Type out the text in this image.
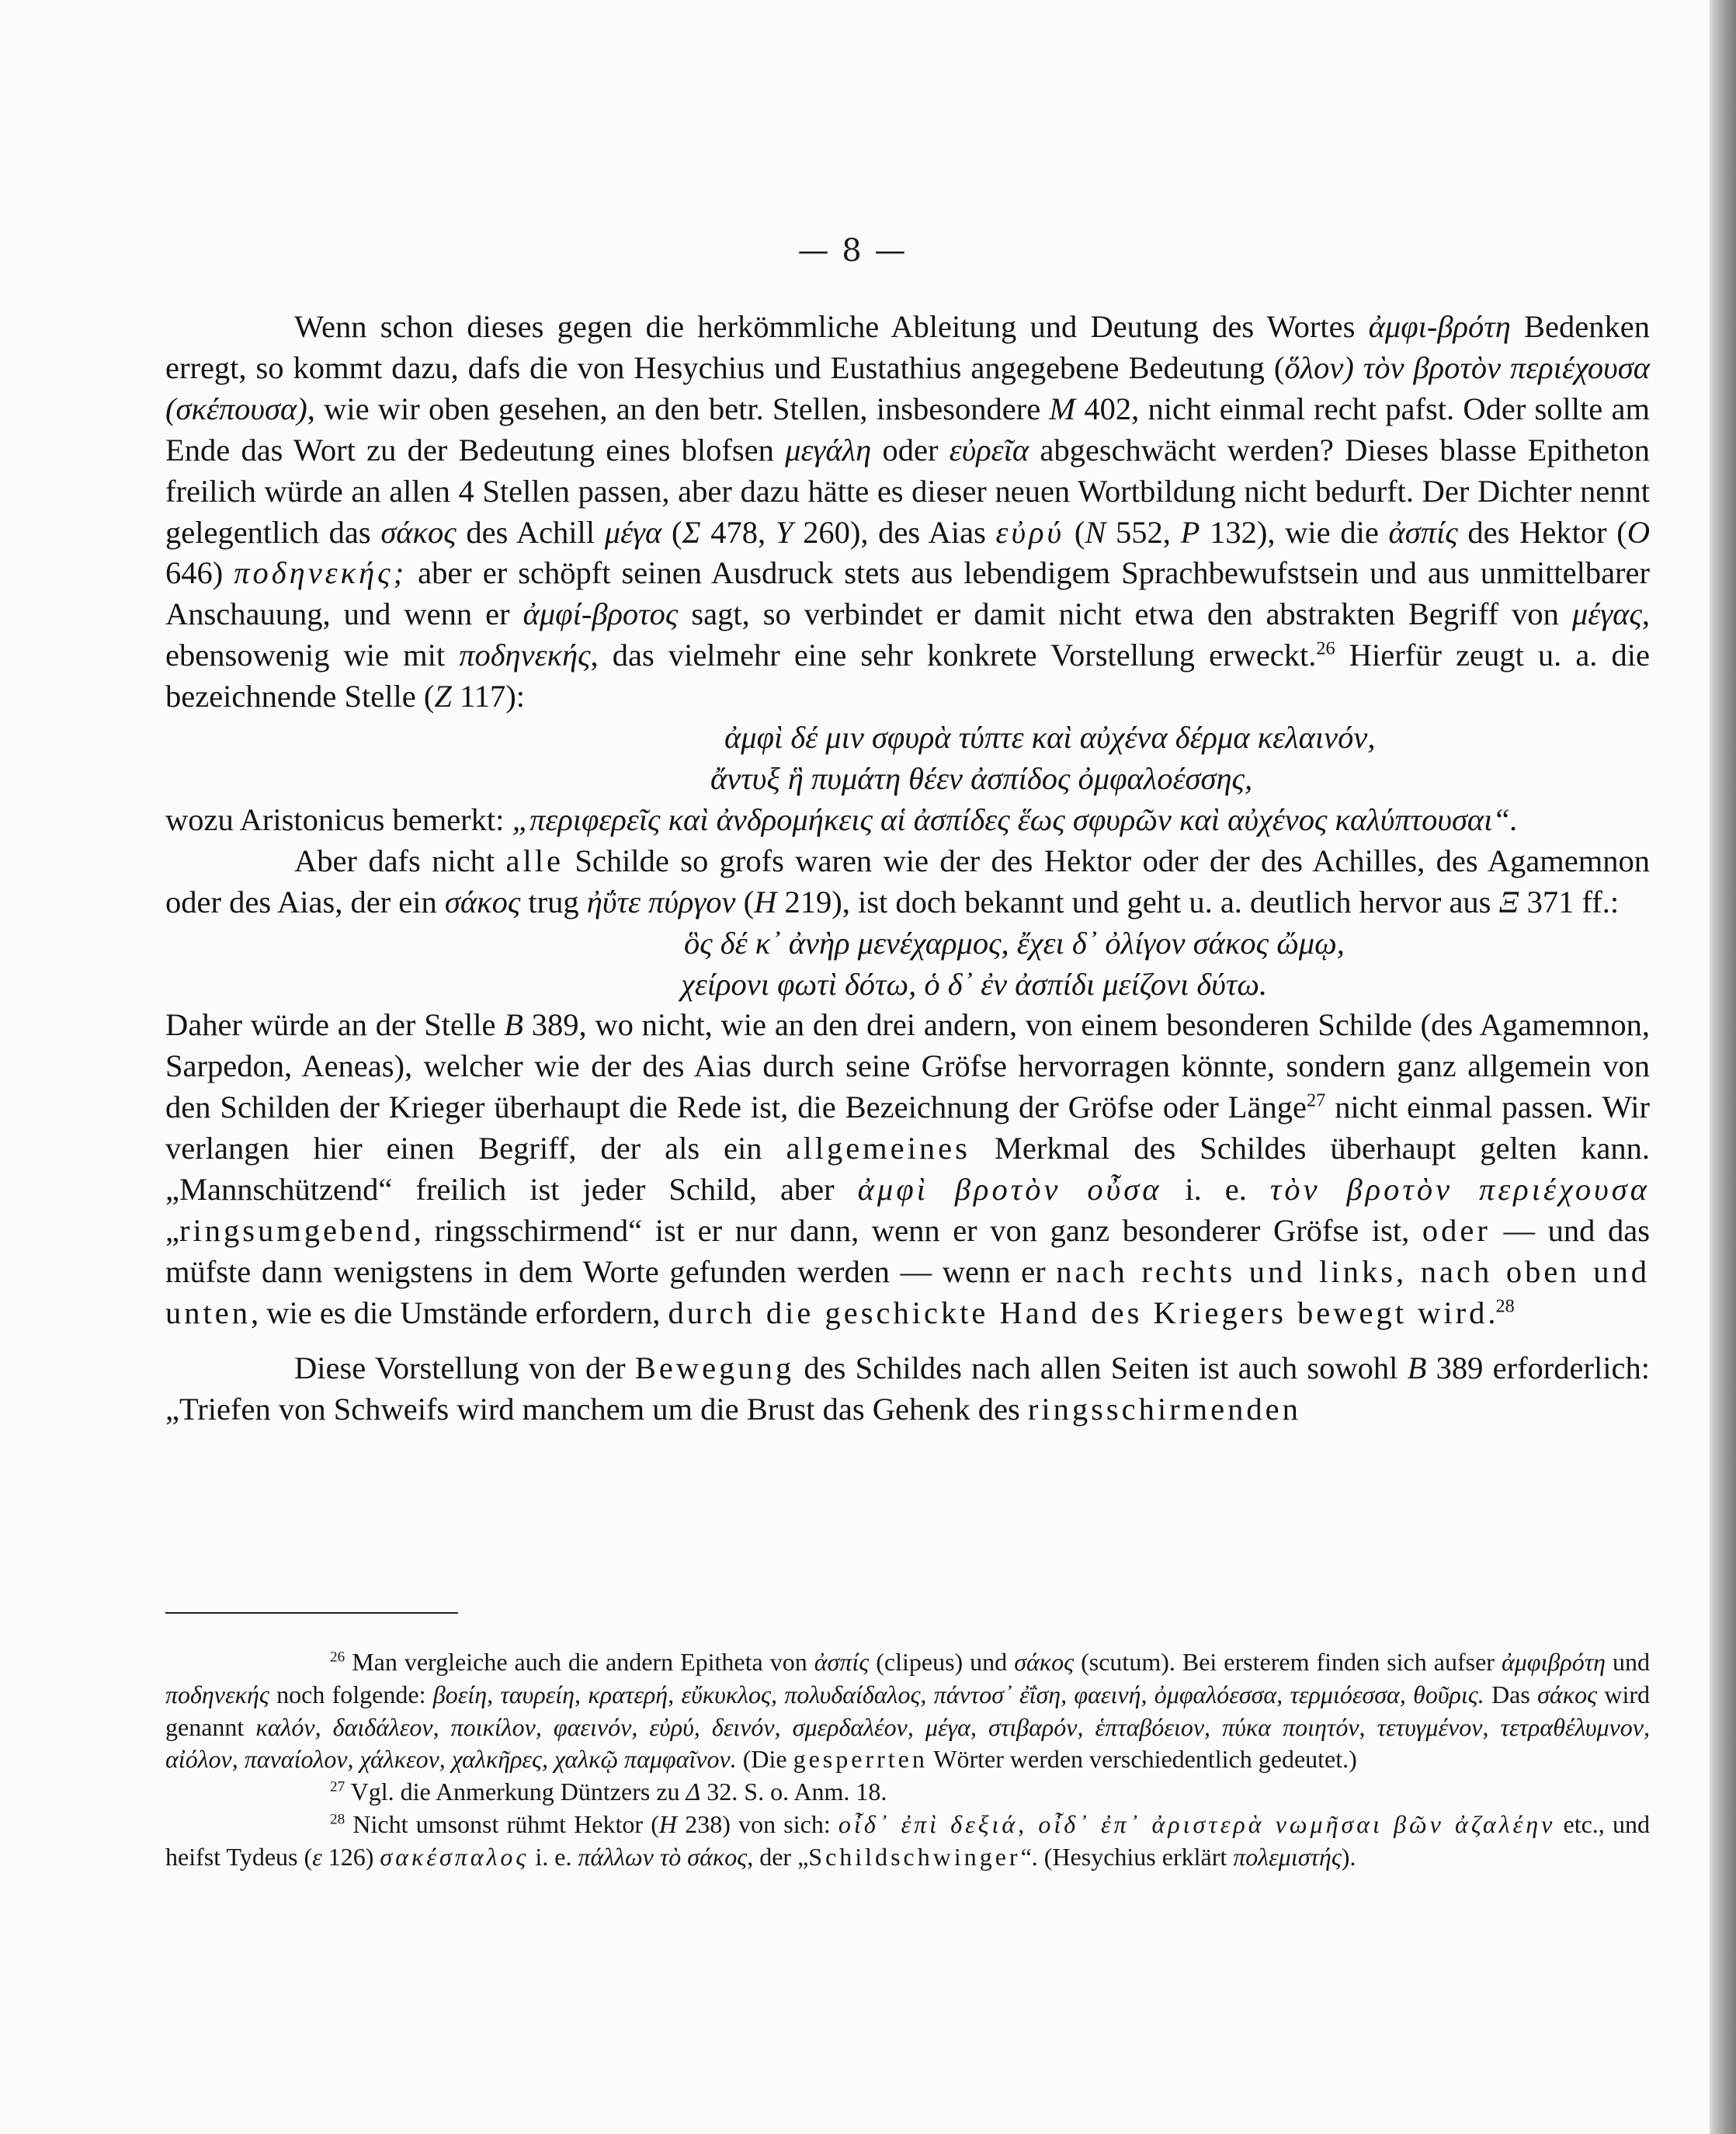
— 8 —

Wenn schon dieses gegen die herkömmliche Ableitung und Deutung des Wortes ἀμφι-βρότη Bedenken erregt, so kommt dazu, dafs die von Hesychius und Eustathius angegebene Bedeutung (ὅλον) τὸν βροτὸν περιέχουσα (σκέπουσα), wie wir oben gesehen, an den betr. Stellen, insbesondere M 402, nicht einmal recht pafst. Oder sollte am Ende das Wort zu der Bedeutung eines blofsen μεγάλη oder εὐρεῖα abgeschwächt werden? Dieses blasse Epitheton freilich würde an allen 4 Stellen passen, aber dazu hätte es dieser neuen Wortbildung nicht bedurft. Der Dichter nennt gelegentlich das σάκος des Achill μέγα (Σ 478, Υ 260), des Aias εὐρύ (N 552, P 132), wie die ἀσπίς des Hektor (O 646) ποδηνεκής; aber er schöpft seinen Ausdruck stets aus lebendigem Sprachbewufstsein und aus unmittelbarer Anschauung, und wenn er ἀμφί-βροτος sagt, so verbindet er damit nicht etwa den abstrakten Begriff von μέγας, ebensowenig wie mit ποδηνεκής, das vielmehr eine sehr konkrete Vorstellung erweckt.$^{26}$ Hierfür zeugt u. a. die bezeichnende Stelle (Z 117):

ἀμφὶ δέ μιν σφυρὰ τύπτε καὶ αὐχένα δέρμα κελαινόν,

ἄντυξ ἣ πυμάτη θέεν ἀσπίδος ὀμφαλοέσσης,

wozu Aristonicus bemerkt: „περιφερεῖς καὶ ἀνδρομήκεις αἱ ἀσπίδες ἕως σφυρῶν καὶ αὐχένος καλύπτουσαι“.

Aber dafs nicht alle Schilde so grofs waren wie der des Hektor oder der des Achilles, des Agamemnon oder des Aias, der ein σάκος trug ἠΰτε πύργον (H 219), ist doch bekannt und geht u. a. deutlich hervor aus Ξ 371 ff.:

ὃς δέ κ᾽ ἀνὴρ μενέχαρμος, ἔχει δ᾽ ὀλίγον σάκος ὤμῳ,

χείρονι φωτὶ δότω, ὁ δ᾽ ἐν ἀσπίδι μείζονι δύτω.

Daher würde an der Stelle B 389, wo nicht, wie an den drei andern, von einem besonderen Schilde (des Agamemnon, Sarpedon, Aeneas), welcher wie der des Aias durch seine Gröfse hervorragen könnte, sondern ganz allgemein von den Schilden der Krieger überhaupt die Rede ist, die Bezeichnung der Gröfse oder Länge$^{27}$ nicht einmal passen. Wir verlangen hier einen Begriff, der als ein allgemeines Merkmal des Schildes überhaupt gelten kann. „Mannschützend“ freilich ist jeder Schild, aber ἀμφὶ βροτὸν οὖσα i. e. τὸν βροτὸν περιέχουσα „ringsumgebend, ringsschirmend“ ist er nur dann, wenn er von ganz besonderer Gröfse ist, oder — und das müfste dann wenigstens in dem Worte gefunden werden — wenn er nach rechts und links, nach oben und unten, wie es die Umstände erfordern, durch die geschickte Hand des Kriegers bewegt wird.$^{28}$

Diese Vorstellung von der Bewegung des Schildes nach allen Seiten ist auch sowohl B 389 erforderlich: „Triefen von Schweifs wird manchem um die Brust das Gehenk des ringsschirmenden

$^{26}$ Man vergleiche auch die andern Epitheta von ἀσπίς (clipeus) und σάκος (scutum). Bei ersterem finden sich aufser ἀμφιβρότη und ποδηνεκής noch folgende: βοείη, ταυρείη, κρατερή, εὔκυκλος, πολυδαίδαλος, πάντοσ᾽ ἐΐση, φαεινή, ὀμφαλόεσσα, τερμιόεσσα, θοῦρις. Das σάκος wird genannt καλόν, δαιδάλεον, ποικίλον, φαεινόν, εὐρύ, δεινόν, σμερδαλέον, μέγα, στιβαρόν, ἑπταβόειον, πύκα ποιητόν, τετυγμένον, τετραθέλυμνον, αἰόλον, παναίολον, χάλκεον, χαλκῆρες, χαλκῷ παμφαῖνον. (Die gesperrten Wörter werden verschiedentlich gedeutet.)

$^{27}$ Vgl. die Anmerkung Düntzers zu Δ 32. S. o. Anm. 18.

$^{28}$ Nicht umsonst rühmt Hektor (H 238) von sich: οἶδ᾽ ἐπὶ δεξιά, οἶδ᾽ ἐπ᾽ ἀριστερὰ νωμῆσαι βῶν ἀζαλέην etc., und heifst Tydeus (ε 126) σακέσπαλος i. e. πάλλων τὸ σάκος, der „Schildschwinger“. (Hesychius erklärt πολεμιστής).
